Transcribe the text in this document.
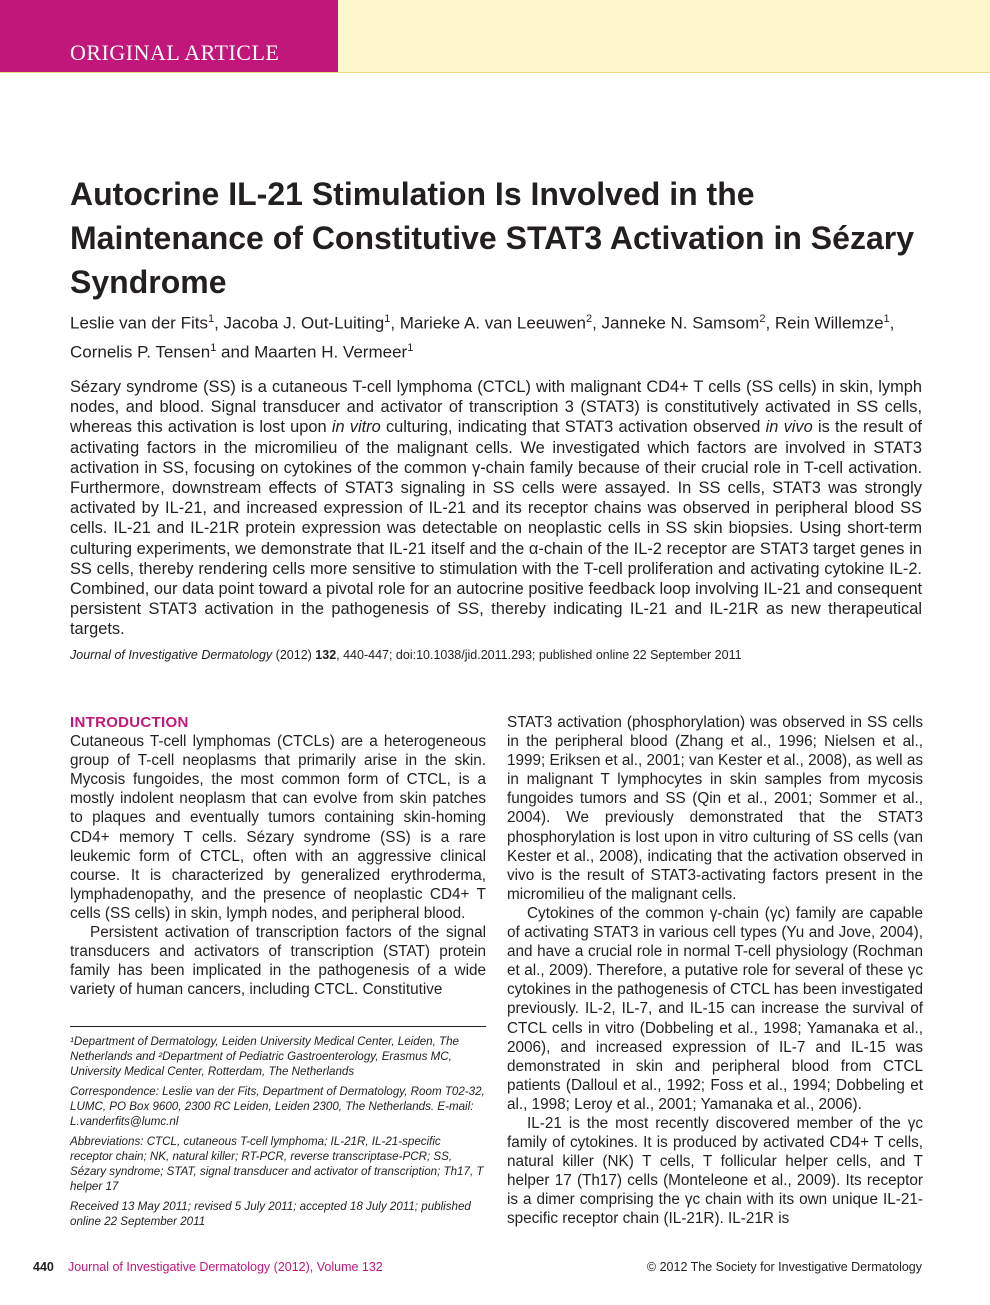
ORIGINAL ARTICLE
Autocrine IL-21 Stimulation Is Involved in the Maintenance of Constitutive STAT3 Activation in Sézary Syndrome
Leslie van der Fits$^1$, Jacoba J. Out-Luiting$^1$, Marieke A. van Leeuwen$^2$, Janneke N. Samsom$^2$, Rein Willemze$^1$, Cornelis P. Tensen$^1$ and Maarten H. Vermeer$^1$

Sézary syndrome (SS) is a cutaneous T-cell lymphoma (CTCL) with malignant CD4+ T cells (SS cells) in skin, lymph nodes, and blood. Signal transducer and activator of transcription 3 (STAT3) is constitutively activated in SS cells, whereas this activation is lost upon in vitro culturing, indicating that STAT3 activation observed in vivo is the result of activating factors in the micromilieu of the malignant cells. We investigated which factors are involved in STAT3 activation in SS, focusing on cytokines of the common γ-chain family because of their crucial role in T-cell activation. Furthermore, downstream effects of STAT3 signaling in SS cells were assayed. In SS cells, STAT3 was strongly activated by IL-21, and increased expression of IL-21 and its receptor chains was observed in peripheral blood SS cells. IL-21 and IL-21R protein expression was detectable on neoplastic cells in SS skin biopsies. Using short-term culturing experiments, we demonstrate that IL-21 itself and the α-chain of the IL-2 receptor are STAT3 target genes in SS cells, thereby rendering cells more sensitive to stimulation with the T-cell proliferation and activating cytokine IL-2. Combined, our data point toward a pivotal role for an autocrine positive feedback loop involving IL-21 and consequent persistent STAT3 activation in the pathogenesis of SS, thereby indicating IL-21 and IL-21R as new therapeutical targets.

Journal of Investigative Dermatology (2012) 132, 440-447; doi:10.1038/jid.2011.293; published online 22 September 2011

INTRODUCTION

Cutaneous T-cell lymphomas (CTCLs) are a heterogeneous group of T-cell neoplasms that primarily arise in the skin. Mycosis fungoides, the most common form of CTCL, is a mostly indolent neoplasm that can evolve from skin patches to plaques and eventually tumors containing skin-homing CD4+ memory T cells. Sézary syndrome (SS) is a rare leukemic form of CTCL, often with an aggressive clinical course. It is characterized by generalized erythroderma, lymphadenopathy, and the presence of neoplastic CD4+ T cells (SS cells) in skin, lymph nodes, and peripheral blood.

Persistent activation of transcription factors of the signal transducers and activators of transcription (STAT) protein family has been implicated in the pathogenesis of a wide variety of human cancers, including CTCL. Constitutive

STAT3 activation (phosphorylation) was observed in SS cells in the peripheral blood (Zhang et al., 1996; Nielsen et al., 1999; Eriksen et al., 2001; van Kester et al., 2008), as well as in malignant T lymphocytes in skin samples from mycosis fungoides tumors and SS (Qin et al., 2001; Sommer et al., 2004). We previously demonstrated that the STAT3 phosphorylation is lost upon in vitro culturing of SS cells (van Kester et al., 2008), indicating that the activation observed in vivo is the result of STAT3-activating factors present in the micromilieu of the malignant cells.

Cytokines of the common γ-chain (γc) family are capable of activating STAT3 in various cell types (Yu and Jove, 2004), and have a crucial role in normal T-cell physiology (Rochman et al., 2009). Therefore, a putative role for several of these γc cytokines in the pathogenesis of CTCL has been investigated previously. IL-2, IL-7, and IL-15 can increase the survival of CTCL cells in vitro (Dobbeling et al., 1998; Yamanaka et al., 2006), and increased expression of IL-7 and IL-15 was demonstrated in skin and peripheral blood from CTCL patients (Dalloul et al., 1992; Foss et al., 1994; Dobbeling et al., 1998; Leroy et al., 2001; Yamanaka et al., 2006).

IL-21 is the most recently discovered member of the γc family of cytokines. It is produced by activated CD4+ T cells, natural killer (NK) T cells, T follicular helper cells, and T helper 17 (Th17) cells (Monteleone et al., 2009). Its receptor is a dimer comprising the γc chain with its own unique IL-21-specific receptor chain (IL-21R). IL-21R is

¹Department of Dermatology, Leiden University Medical Center, Leiden, The Netherlands and ²Department of Pediatric Gastroenterology, Erasmus MC, University Medical Center, Rotterdam, The Netherlands

Correspondence: Leslie van der Fits, Department of Dermatology, Room T02-32, LUMC, PO Box 9600, 2300 RC Leiden, Leiden 2300, The Netherlands. E-mail: L.vanderfits@lumc.nl

Abbreviations: CTCL, cutaneous T-cell lymphoma; IL-21R, IL-21-specific receptor chain; NK, natural killer; RT-PCR, reverse transcriptase-PCR; SS, Sézary syndrome; STAT, signal transducer and activator of transcription; Th17, T helper 17

Received 13 May 2011; revised 5 July 2011; accepted 18 July 2011; published online 22 September 2011

440 Journal of Investigative Dermatology (2012), Volume 132	© 2012 The Society for Investigative Dermatology
